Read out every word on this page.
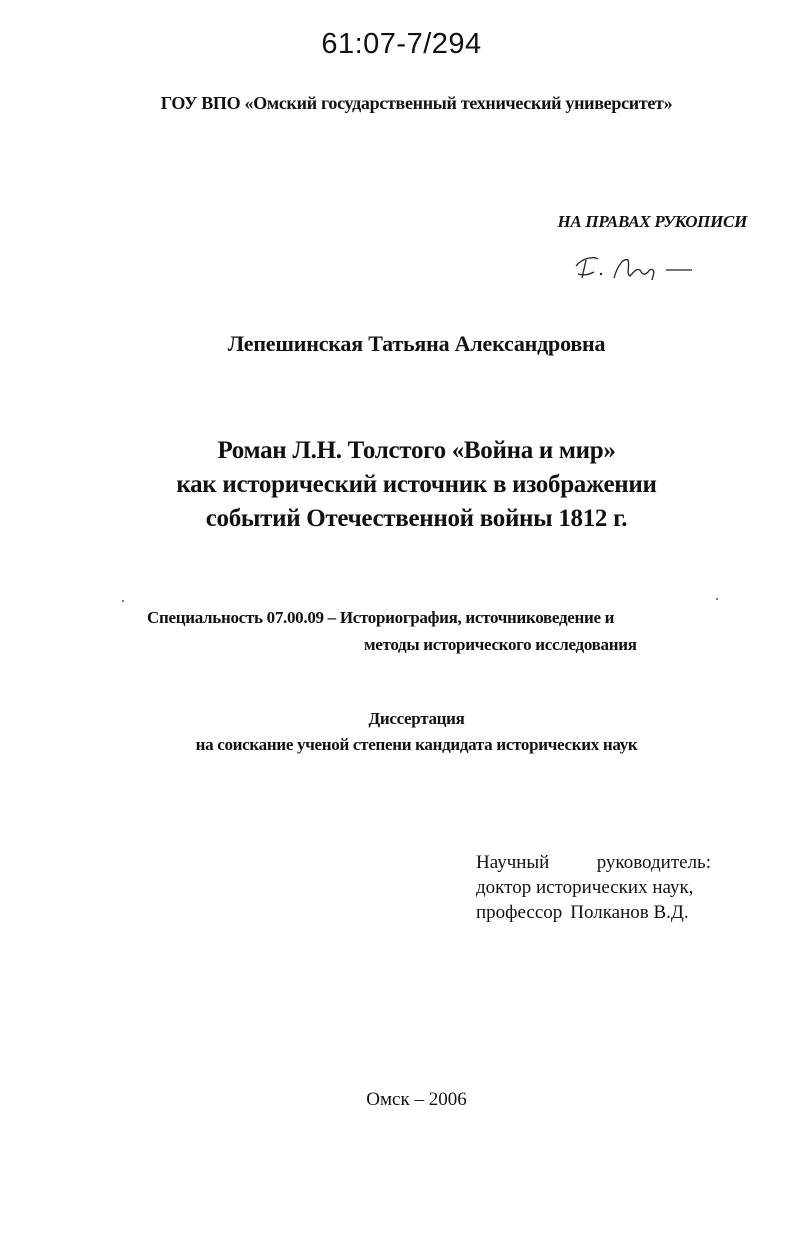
61:07-7/294
ГОУ ВПО «Омский государственный технический университет»
НА ПРАВАХ РУКОПИСИ
Лепешинская Татьяна Александровна
Роман Л.Н. Толстого «Война и мир»
как исторический источник в изображении
событий Отечественной войны 1812 г.
Специальность 07.00.09 – Историография, источниковедение и
методы исторического исследования
Диссертация
на соискание ученой степени кандидата исторических наук
Научный руководитель:
доктор исторических наук,
профессор Полканов В.Д.
Омск – 2006
